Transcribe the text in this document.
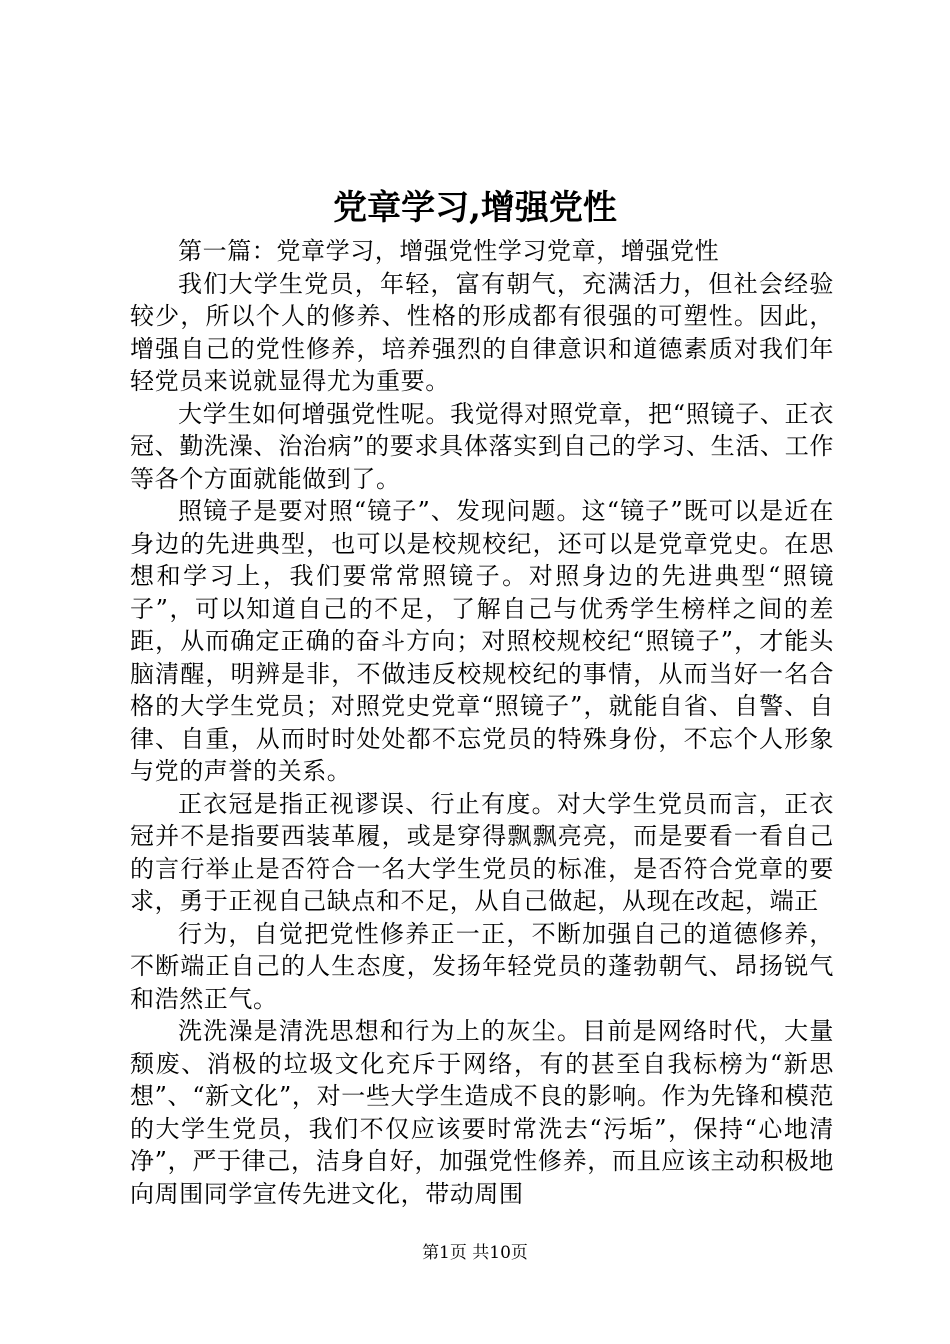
党章学习,增强党性

第一篇：党章学习，增强党性学习党章，增强党性

我们大学生党员，年轻，富有朝气，充满活力，但社会经验较少，所以个人的修养、性格的形成都有很强的可塑性。因此，增强自己的党性修养，培养强烈的自律意识和道德素质对我们年轻党员来说就显得尤为重要。

大学生如何增强党性呢。我觉得对照党章，把“照镜子、正衣冠、勤洗澡、治治病”的要求具体落实到自己的学习、生活、工作等各个方面就能做到了。

照镜子是要对照“镜子”、发现问题。这“镜子”既可以是近在身边的先进典型，也可以是校规校纪，还可以是党章党史。在思想和学习上，我们要常常照镜子。对照身边的先进典型“照镜子”，可以知道自己的不足，了解自己与优秀学生榜样之间的差距，从而确定正确的奋斗方向；对照校规校纪“照镜子”，才能头脑清醒，明辨是非，不做违反校规校纪的事情，从而当好一名合格的大学生党员；对照党史党章“照镜子”，就能自省、自警、自律、自重，从而时时处处都不忘党员的特殊身份，不忘个人形象与党的声誉的关系。

正衣冠是指正视谬误、行止有度。对大学生党员而言，正衣冠并不是指要西装革履，或是穿得飘飘亮亮，而是要看一看自己的言行举止是否符合一名大学生党员的标准，是否符合党章的要求，勇于正视自己缺点和不足，从自己做起，从现在改起，端正

行为，自觉把党性修养正一正，不断加强自己的道德修养，不断端正自己的人生态度，发扬年轻党员的蓬勃朝气、昂扬锐气和浩然正气。

洗洗澡是清洗思想和行为上的灰尘。目前是网络时代，大量颓废、消极的垃圾文化充斥于网络，有的甚至自我标榜为“新思想”、“新文化”，对一些大学生造成不良的影响。作为先锋和模范的大学生党员，我们不仅应该要时常洗去“污垢”，保持“心地清净”，严于律己，洁身自好，加强党性修养，而且应该主动积极地向周围同学宣传先进文化，带动周围

第1页 共10页
